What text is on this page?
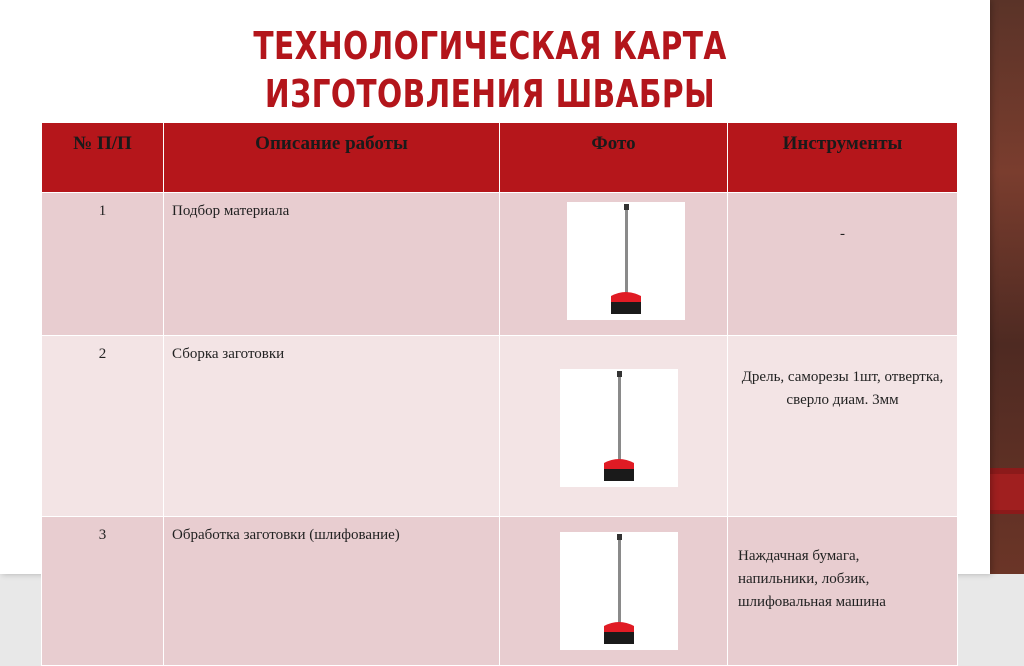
ТЕХНОЛОГИЧЕСКАЯ КАРТА
ИЗГОТОВЛЕНИЯ ШВАБРЫ
№ П/П	Описание работы	Фото	Инструменты
1	Подбор материала		-
2	Сборка заготовки		Дрель, саморезы 1шт, отвертка, сверло диам. 3мм
3	Обработка заготовки (шлифование)		Наждачная бумага, напильники, лобзик, шлифовальная машина
